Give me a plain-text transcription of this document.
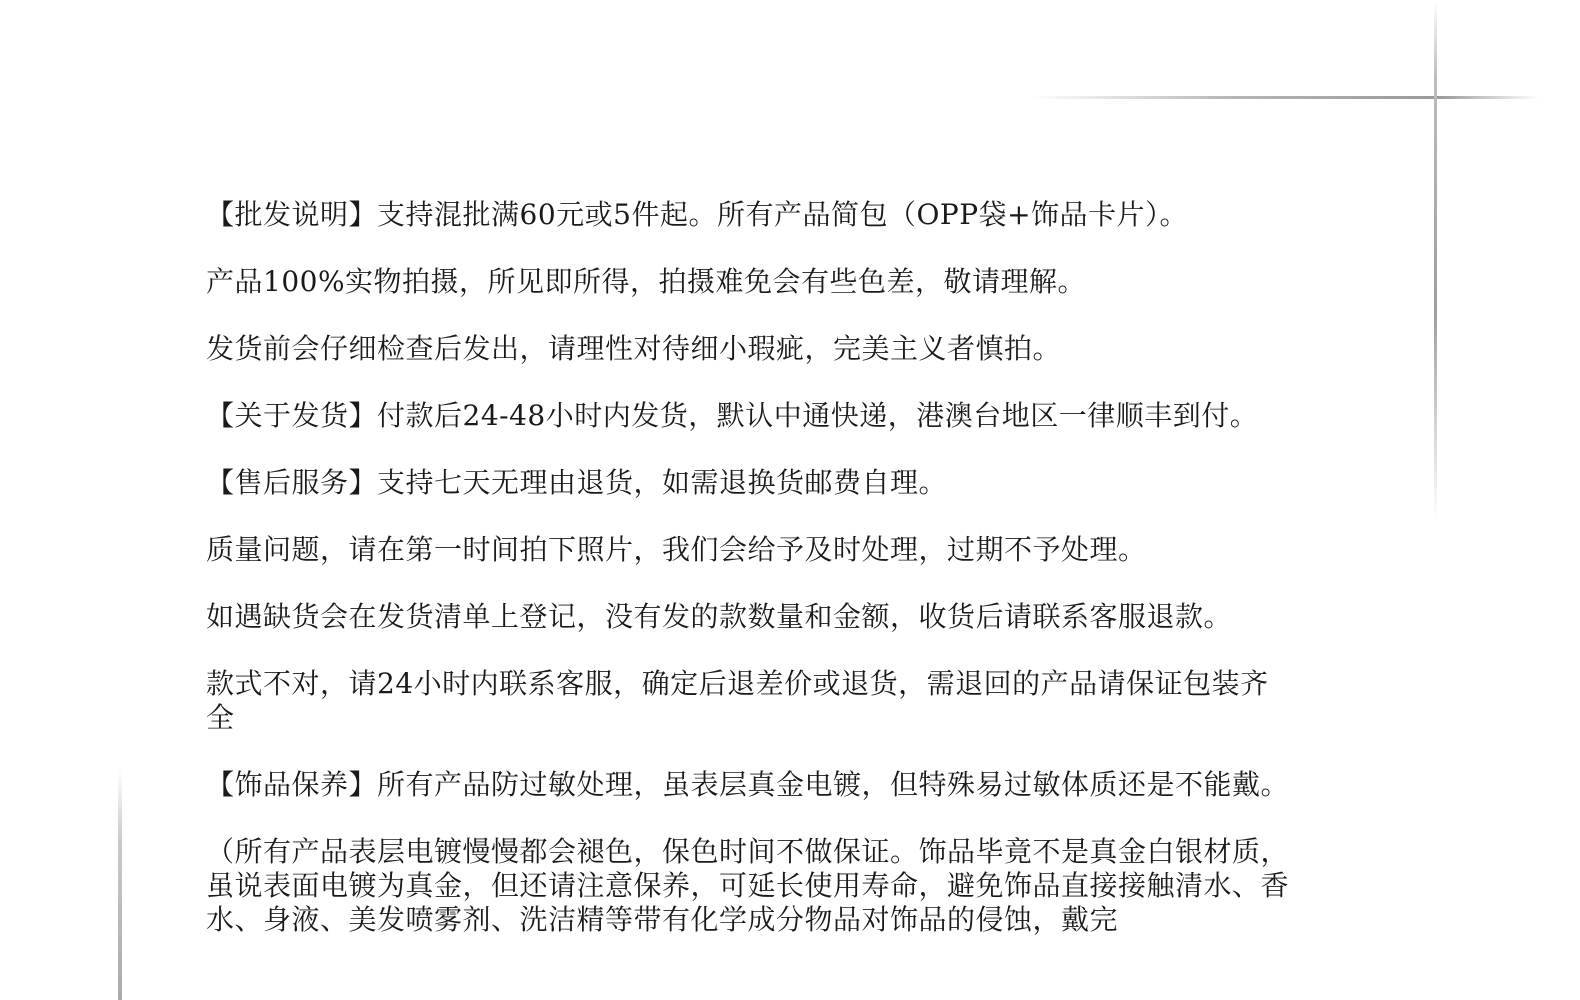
【批发说明】支持混批满60元或5件起。所有产品简包（OPP袋+饰品卡片）。

产品100%实物拍摄，所见即所得，拍摄难免会有些色差，敬请理解。

发货前会仔细检查后发出，请理性对待细小瑕疵，完美主义者慎拍。

【关于发货】付款后24-48小时内发货，默认中通快递，港澳台地区一律顺丰到付。

【售后服务】支持七天无理由退货，如需退换货邮费自理。

质量问题，请在第一时间拍下照片，我们会给予及时处理，过期不予处理。

如遇缺货会在发货清单上登记，没有发的款数量和金额，收货后请联系客服退款。

款式不对，请24小时内联系客服，确定后退差价或退货，需退回的产品请保证包装齐全

【饰品保养】所有产品防过敏处理，虽表层真金电镀，但特殊易过敏体质还是不能戴。

（所有产品表层电镀慢慢都会褪色，保色时间不做保证。饰品毕竟不是真金白银材质，虽说表面电镀为真金，但还请注意保养，可延长使用寿命，避免饰品直接接触清水、香水、身液、美发喷雾剂、洗洁精等带有化学成分物品对饰品的侵蚀，戴完
